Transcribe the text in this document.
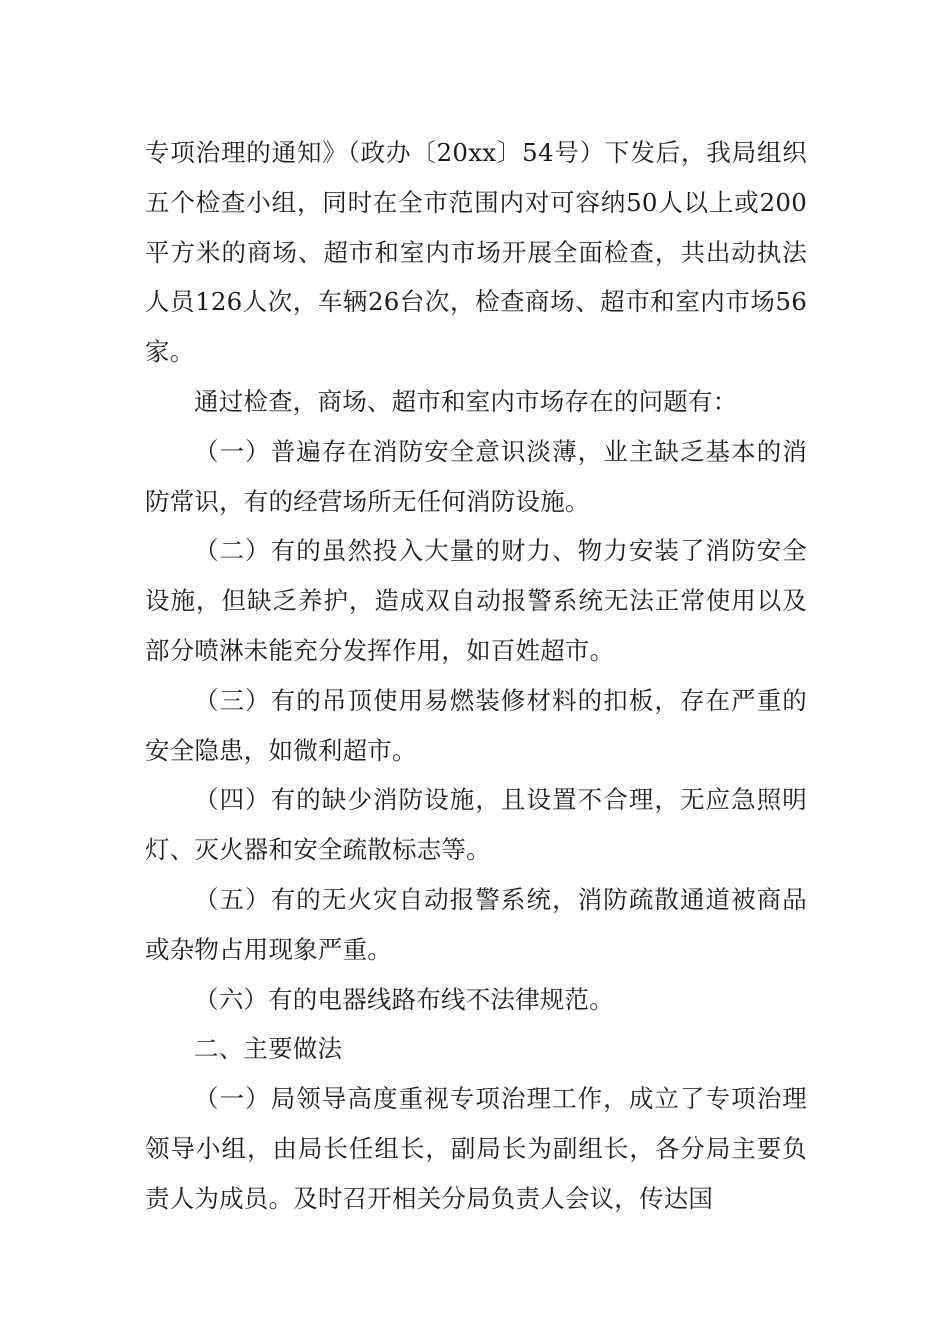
专项治理的通知》（政办〔20xx〕54号）下发后，我局组织五个检查小组，同时在全市范围内对可容纳50人以上或200平方米的商场、超市和室内市场开展全面检查，共出动执法人员126人次，车辆26台次，检查商场、超市和室内市场56家。

通过检查，商场、超市和室内市场存在的问题有：

（一）普遍存在消防安全意识淡薄，业主缺乏基本的消防常识，有的经营场所无任何消防设施。

（二）有的虽然投入大量的财力、物力安装了消防安全设施，但缺乏养护，造成双自动报警系统无法正常使用以及部分喷淋未能充分发挥作用，如百姓超市。

（三）有的吊顶使用易燃装修材料的扣板，存在严重的安全隐患，如微利超市。

（四）有的缺少消防设施，且设置不合理，无应急照明灯、灭火器和安全疏散标志等。

（五）有的无火灾自动报警系统，消防疏散通道被商品或杂物占用现象严重。

（六）有的电器线路布线不法律规范。

二、主要做法

（一）局领导高度重视专项治理工作，成立了专项治理领导小组，由局长任组长，副局长为副组长，各分局主要负责人为成员。及时召开相关分局负责人会议，传达国
